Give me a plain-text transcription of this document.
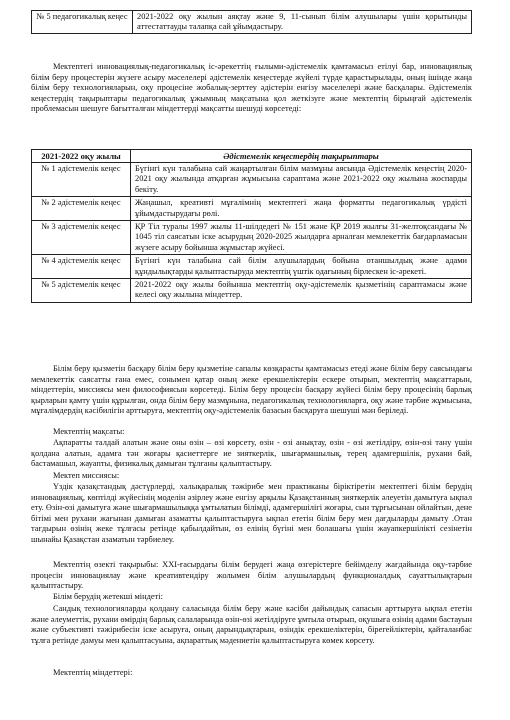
№ 5 педагогикалық кеңес	2021-2022 оқу жылын аяқтау және 9, 11-сынып білім алушылары үшін қорытынды аттестаттауды талапқа сай ұйымдастыру.

Мектептегі инновациялық-педагогикалық іс-әрекеттің ғылыми-әдістемелік қамтамасыз етілуі бар, инновациялық білім беру процестерін жүзеге асыру мәселелері әдістемелік кеңестерде жүйелі түрде қарастырылады, оның ішінде жаңа білім беру технологияларын, оқу процесіне жобалық-зерттеу әдістерін енгізу мәселелері және басқалары. Әдістемелік кеңестердің тақырыптары педагогикалық ұжымның мақсатына қол жеткізуге және мектептің бірыңғай әдістемелік проблемасын шешуге бағытталған міндеттерді мақсатты шешуді көрсетеді:

2021-2022 оқу жылы	Әдістемелік кеңестердің тақырыптары
№ 1 әдістемелік кеңес	Бүгінгі күн талабына сай жаңартылған білім мазмұны аясында Әдістемелік кеңестің 2020-2021 оқу жылында атқарған жұмысына сараптама және 2021-2022 оқу жылына жоспарды бекіту.
№ 2 әдістемелік кеңес	Жаңашыл, креативті мұғалімнің мектептегі жаңа форматты педагогикалық үрдісті ұйымдастырудағы рөлі.
№ 3 әдістемелік кеңес	ҚР Тіл туралы 1997 жылы 11-шілдедегі № 151 және ҚР 2019 жылғы 31-желтоқсандағы № 1045 тіл саясатын іске асырудың 2020-2025 жылдарға арналған мемлекеттік бағдарламасын жүзеге асыру бойынша жұмыстар жүйесі.
№ 4 әдістемелік кеңес	Бүгінгі күн талабына сай білім алушылардың бойына отаншылдық және адами құндылықтарды қалыптастыруда мектептің үштік одағының бірлескен іс-әрекеті.
№ 5 әдістемелік кеңес	2021-2022 оқу жылы бойынша мектептің оқу-әдістемелік қызметінің сараптамасы және келесі оқу жылына міндеттер.

Білім беру қызметін басқару білім беру қызметіне сапалы көзқарасты қамтамасыз етеді және білім беру саясындағы мемлекеттік саясатты ғана емес, сонымен қатар оның жеке ерекшеліктерін ескере отырып, мектептің мақсаттарын, міндеттерін, миссиясы мен философиясын көрсетеді. Білім беру процесін басқару жүйесі білім беру процесінің барлық қырларын қамту үшін құрылған, онда білім беру мазмұнына, педагогикалық технологияларға, оқу және тәрбие жұмысына, мұғалімдердің кәсібилігін арттыруға, мектептің оқу-әдістемелік базасын басқаруға шешуші мән беріледі.

Мектептің мақсаты:

Ақпаратты талдай алатын және оны өзін – өзі көрсету, өзін - өзі анықтау, өзін - өзі жетілдіру, өзін-өзі тану үшін қолдана алатын, адамға тән жоғары қасиеттерге ие зияткерлік, шығармашылық, терең адамгершілік, рухани бай, бастамашыл, жауапты, физикалық дамыған тұлғаны қалыптастыру.

Мектеп миссиясы:

Үздік қазақстандық дәстүрлерді, халықаралық тәжірибе мен практиканы біріктіретін мектептегі білім берудің инновациялық, көптілді жүйесінің моделін әзірлеу және енгізу арқылы Қазақстанның зияткерлік әлеуетін дамытуға ықпал ету. Өзін-өзі дамытуға және шығармашылыққа ұмтылатын білімді, адамгершілігі жоғары, сын тұрғысынан ойлайтын, дене бітімі мен рухани жағынан дамыған азаматты қалыптастыруға ықпал ететін білім беру мен дағдыларды дамыту .Отан тағдырын өзінің жеке тұлғасы ретінде қабылдайтын, өз елінің бүгіні мен болашағы үшін жауапкершілікті сезінетін шынайы Қазақстан азаматын тәрбиелеу.

Мектептің өзекті тақырыбы: XXI-ғасырдағы білім берудегі жаңа өзгерістерге бейімделу жағдайында оқу-тәрбие процесін инновациялау және креативтендіру жолымен білім алушылардың функционалдық сауаттылықтарын қалыптастыру.

Білім берудің жетекші міндеті:

Сандық технологияларды қолдану саласында білім беру және кәсіби дайындық сапасын арттыруға ықпал ететін және әлеуметтік, рухани өмірдің барлық салаларында өзін-өзі жетілдіруге ұмтыла отырып, оқушыға өзінің адами бастауын және субъективті тәжірибесін іске асыруға, оның дарындықтарын, өзіндік ерекшеліктерін, бірегейліктерін, қайталанбас тұлға ретінде дамуы мен қалыптасуына, ақпараттық мәдениетін қалыптастыруға көмек көрсету.

Мектептің міндеттері:
